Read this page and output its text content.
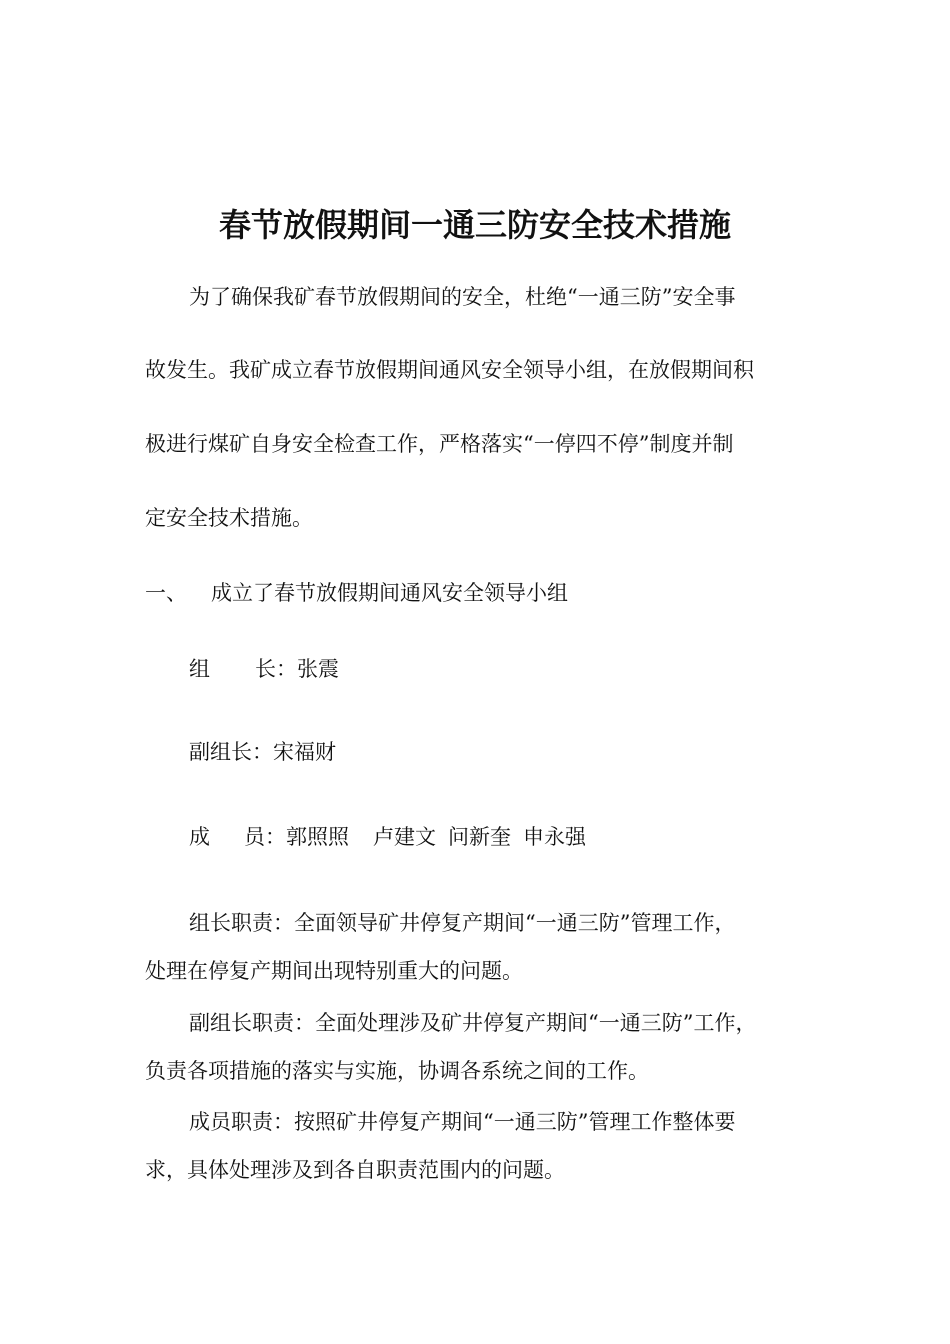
春节放假期间一通三防安全技术措施
为了确保我矿春节放假期间的安全，杜绝“一通三防”安全事
故发生。我矿成立春节放假期间通风安全领导小组，在放假期间积
极进行煤矿自身安全检查工作，严格落实“一停四不停”制度并制
定安全技术措施。
一、 成立了春节放假期间通风安全领导小组
组 长：张震
副组长：宋福财
成 员：郭照照 卢建文 问新奎 申永强
组长职责：全面领导矿井停复产期间“一通三防”管理工作，
处理在停复产期间出现特别重大的问题。
副组长职责：全面处理涉及矿井停复产期间“一通三防”工作，
负责各项措施的落实与实施，协调各系统之间的工作。
成员职责：按照矿井停复产期间“一通三防”管理工作整体要
求，具体处理涉及到各自职责范围内的问题。
